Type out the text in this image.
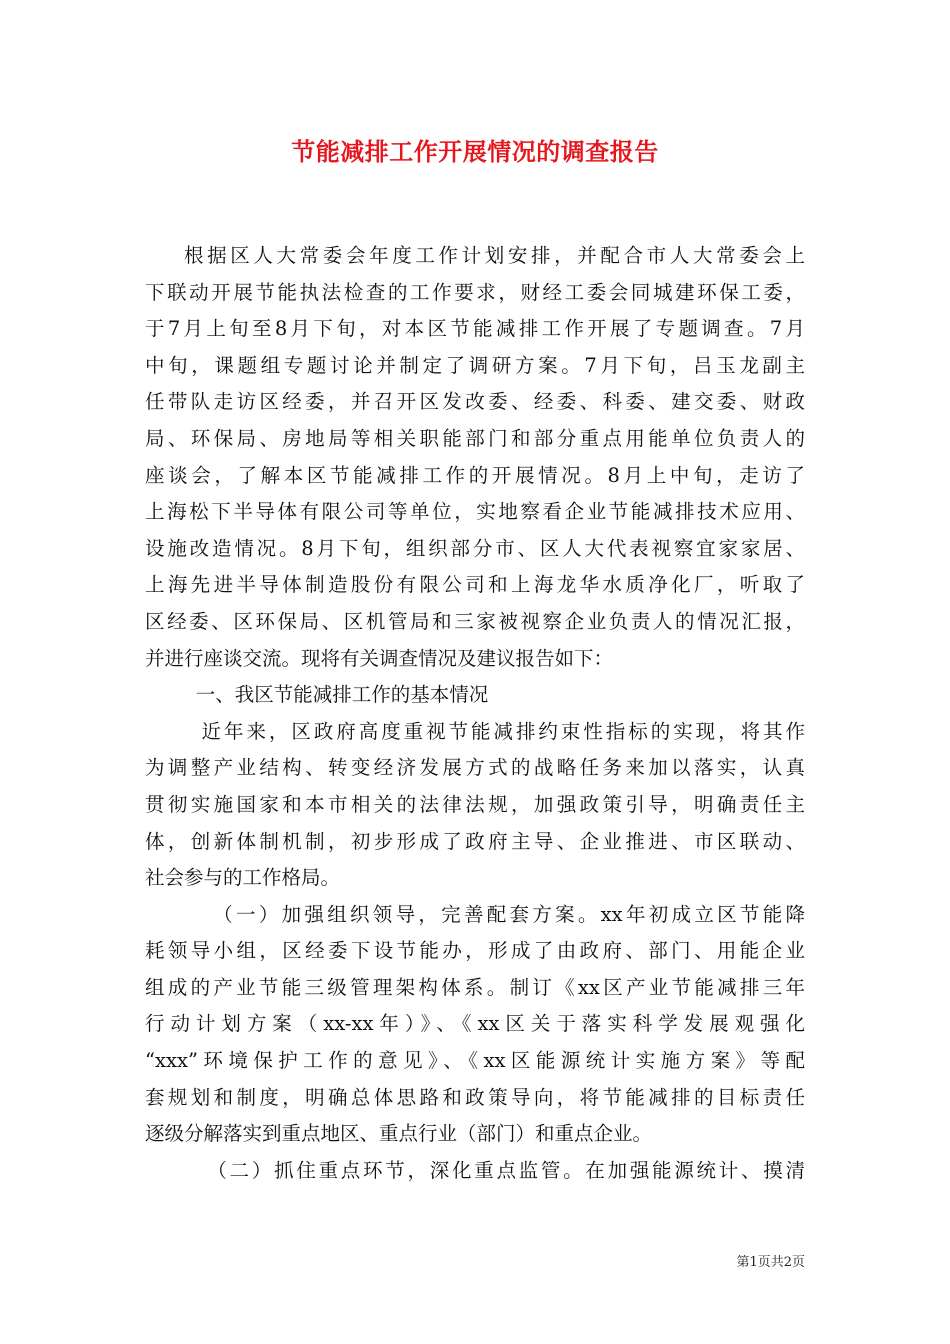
节能减排工作开展情况的调查报告
根据区人大常委会年度工作计划安排，并配合市人大常委会上
下联动开展节能执法检查的工作要求，财经工委会同城建环保工委，
于7月上旬至8月下旬，对本区节能减排工作开展了专题调查。7月
中旬，课题组专题讨论并制定了调研方案。7月下旬，吕玉龙副主
任带队走访区经委，并召开区发改委、经委、科委、建交委、财政
局、环保局、房地局等相关职能部门和部分重点用能单位负责人的
座谈会，了解本区节能减排工作的开展情况。8月上中旬，走访了
上海松下半导体有限公司等单位，实地察看企业节能减排技术应用、
设施改造情况。8月下旬，组织部分市、区人大代表视察宜家家居、
上海先进半导体制造股份有限公司和上海龙华水质净化厂，听取了
区经委、区环保局、区机管局和三家被视察企业负责人的情况汇报，
并进行座谈交流。现将有关调查情况及建议报告如下：
一、我区节能减排工作的基本情况
近年来，区政府高度重视节能减排约束性指标的实现，将其作
为调整产业结构、转变经济发展方式的战略任务来加以落实，认真
贯彻实施国家和本市相关的法律法规，加强政策引导，明确责任主
体，创新体制机制，初步形成了政府主导、企业推进、市区联动、
社会参与的工作格局。
（一）加强组织领导，完善配套方案。xx年初成立区节能降
耗领导小组，区经委下设节能办，形成了由政府、部门、用能企业
组成的产业节能三级管理架构体系。制订《xx区产业节能减排三年
行动计划方案（xx-xx年）》、《xx区关于落实科学发展观强化
“xxx”环境保护工作的意见》、《xx区能源统计实施方案》等配
套规划和制度，明确总体思路和政策导向，将节能减排的目标责任
逐级分解落实到重点地区、重点行业（部门）和重点企业。
（二）抓住重点环节，深化重点监管。在加强能源统计、摸清
第1页共2页
